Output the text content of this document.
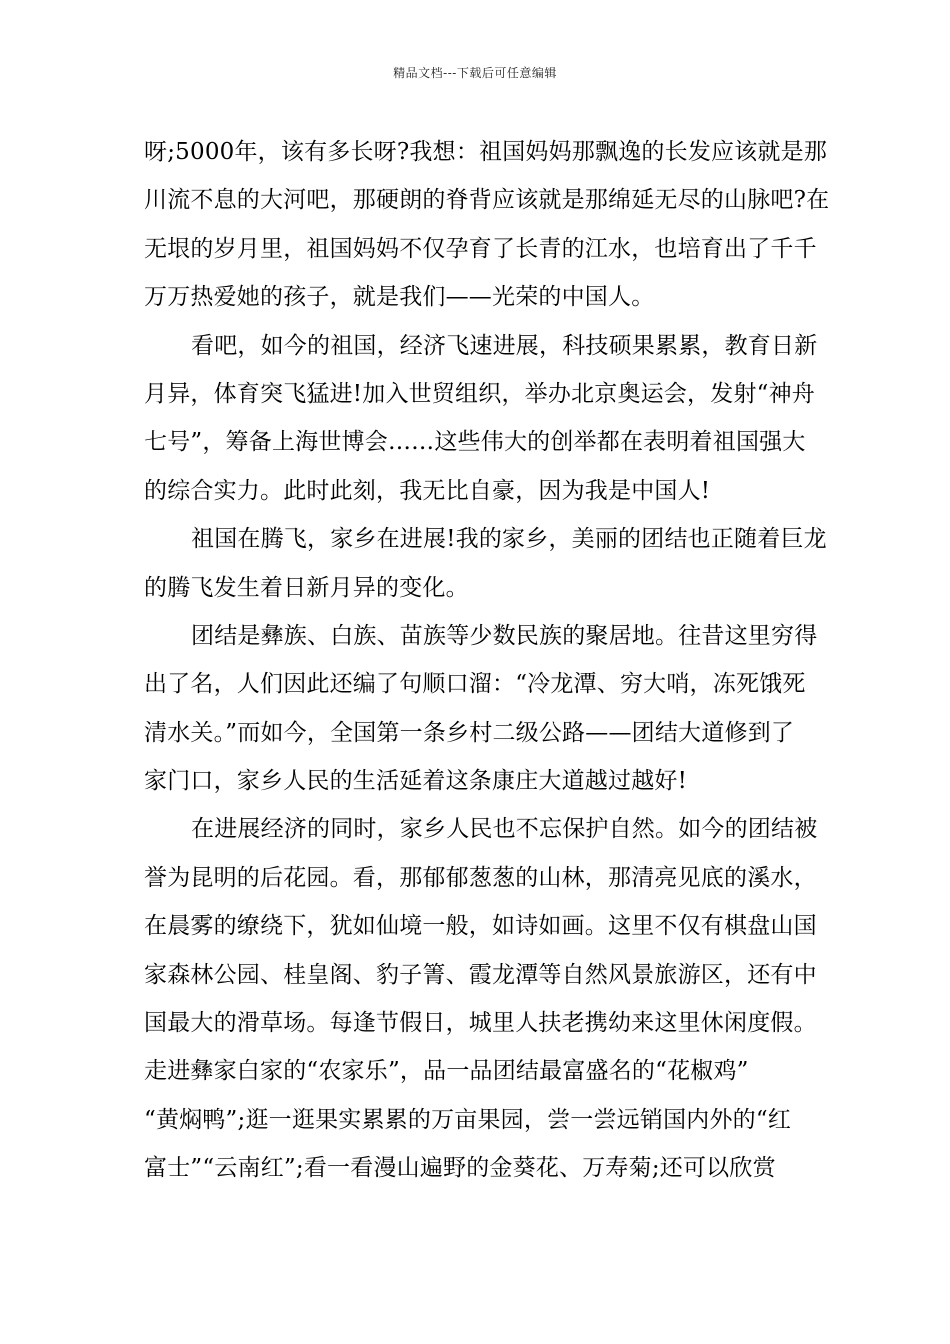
精品文档---下载后可任意编辑
呀;5000年，该有多长呀?我想：祖国妈妈那飘逸的长发应该就是那
川流不息的大河吧，那硬朗的脊背应该就是那绵延无尽的山脉吧?在
无垠的岁月里，祖国妈妈不仅孕育了长青的江水，也培育出了千千
万万热爱她的孩子，就是我们——光荣的中国人。
看吧，如今的祖国，经济飞速进展，科技硕果累累，教育日新
月异，体育突飞猛进!加入世贸组织，举办北京奥运会，发射“神舟
七号”，筹备上海世博会……这些伟大的创举都在表明着祖国强大
的综合实力。此时此刻，我无比自豪，因为我是中国人!
祖国在腾飞，家乡在进展!我的家乡，美丽的团结也正随着巨龙
的腾飞发生着日新月异的变化。
团结是彝族、白族、苗族等少数民族的聚居地。往昔这里穷得
出了名，人们因此还编了句顺口溜：“冷龙潭、穷大哨，冻死饿死
清水关。”而如今，全国第一条乡村二级公路——团结大道修到了
家门口，家乡人民的生活延着这条康庄大道越过越好!
在进展经济的同时，家乡人民也不忘保护自然。如今的团结被
誉为昆明的后花园。看，那郁郁葱葱的山林，那清亮见底的溪水，
在晨雾的缭绕下，犹如仙境一般，如诗如画。这里不仅有棋盘山国
家森林公园、桂皇阁、豹子箐、霞龙潭等自然风景旅游区，还有中
国最大的滑草场。每逢节假日，城里人扶老携幼来这里休闲度假。
走进彝家白家的“农家乐”，品一品团结最富盛名的“花椒鸡”
“黄焖鸭”;逛一逛果实累累的万亩果园，尝一尝远销国内外的“红
富士”“云南红”;看一看漫山遍野的金葵花、万寿菊;还可以欣赏
